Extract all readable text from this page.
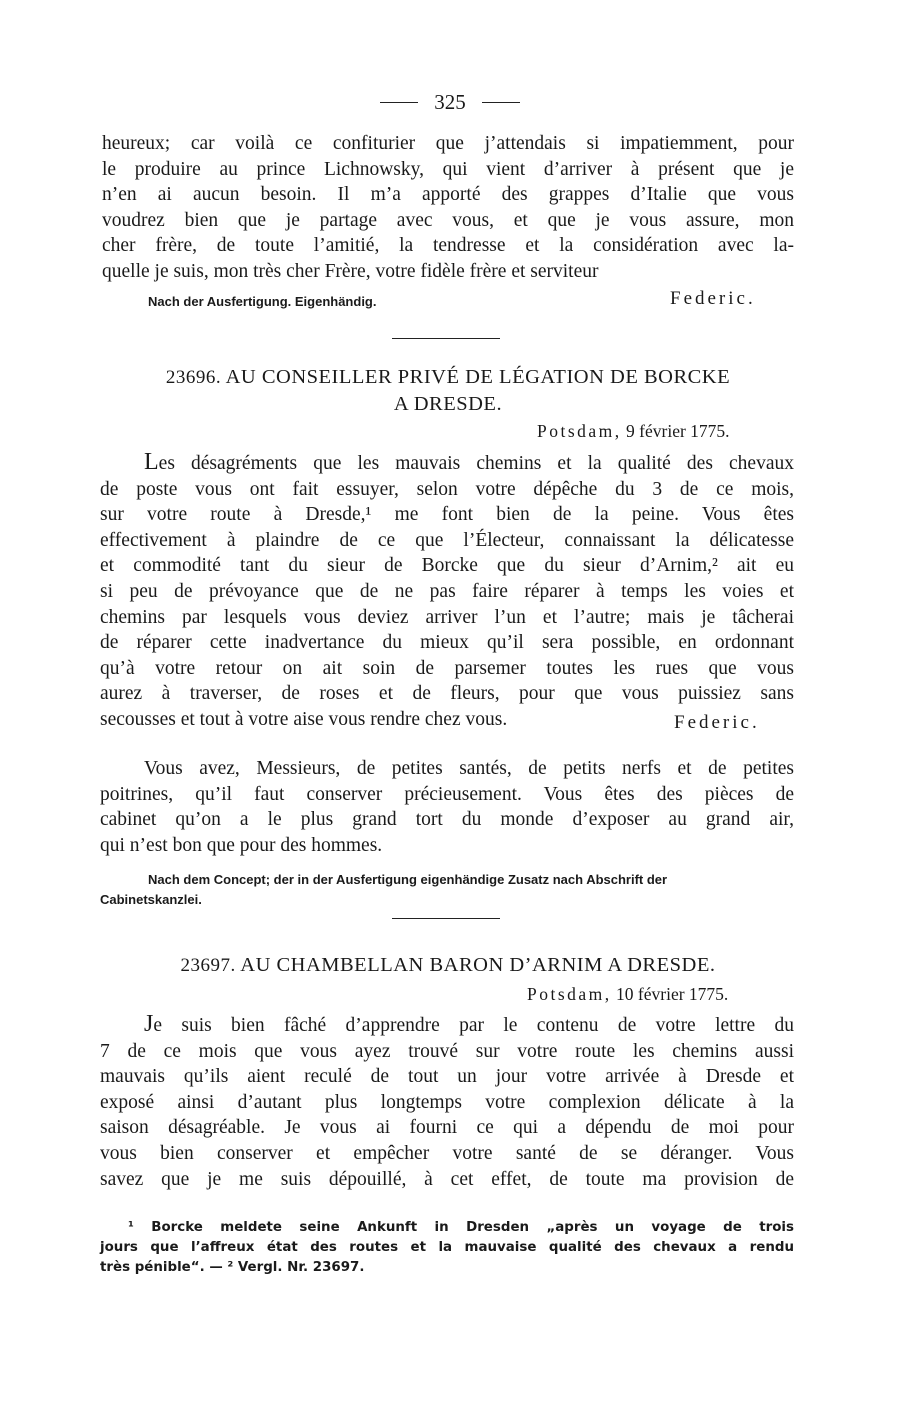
325

heureux; car voilà ce confiturier que j’attendais si impatiemment, pour
le produire au prince Lichnowsky, qui vient d’arriver à présent que je
n’en ai aucun besoin. Il m’a apporté des grappes d’Italie que vous
voudrez bien que je partage avec vous, et que je vous assure, mon
cher frère, de toute l’amitié, la tendresse et la considération avec la-
quelle je suis, mon très cher Frère, votre fidèle frère et serviteur

Nach der Ausfertigung. Eigenhändig.	Federic.
23696. AU CONSEILLER PRIVÉ DE LÉGATION DE BORCKE
A DRESDE.
Potsdam, 9 février 1775.

Les désagréments que les mauvais chemins et la qualité des chevaux
de poste vous ont fait essuyer, selon votre dépêche du 3 de ce mois,
sur votre route à Dresde,¹ me font bien de la peine. Vous êtes
effectivement à plaindre de ce que l’Électeur, connaissant la délicatesse
et commodité tant du sieur de Borcke que du sieur d’Arnim,² ait eu
si peu de prévoyance que de ne pas faire réparer à temps les voies et
chemins par lesquels vous deviez arriver l’un et l’autre; mais je tâcherai
de réparer cette inadvertance du mieux qu’il sera possible, en ordonnant
qu’à votre retour on ait soin de parsemer toutes les rues que vous
aurez à traverser, de roses et de fleurs, pour que vous puissiez sans
secousses et tout à votre aise vous rendre chez vous.	Federic.

Vous avez, Messieurs, de petites santés, de petits nerfs et de petites
poitrines, qu’il faut conserver précieusement. Vous êtes des pièces de
cabinet qu’on a le plus grand tort du monde d’exposer au grand air,
qui n’est bon que pour des hommes.

Nach dem Concept; der in der Ausfertigung eigenhändige Zusatz nach Abschrift der
Cabinetskanzlei.
23697. AU CHAMBELLAN BARON D’ARNIM A DRESDE.
Potsdam, 10 février 1775.

Je suis bien fâché d’apprendre par le contenu de votre lettre du
7 de ce mois que vous ayez trouvé sur votre route les chemins aussi
mauvais qu’ils aient reculé de tout un jour votre arrivée à Dresde et
exposé ainsi d’autant plus longtemps votre complexion délicate à la
saison désagréable. Je vous ai fourni ce qui a dépendu de moi pour
vous bien conserver et empêcher votre santé de se déranger. Vous
savez que je me suis dépouillé, à cet effet, de toute ma provision de

¹ Borcke meldete seine Ankunft in Dresden „après un voyage de trois
jours que l’affreux état des routes et la mauvaise qualité des chevaux a rendu
très pénible“. — ² Vergl. Nr. 23697.
